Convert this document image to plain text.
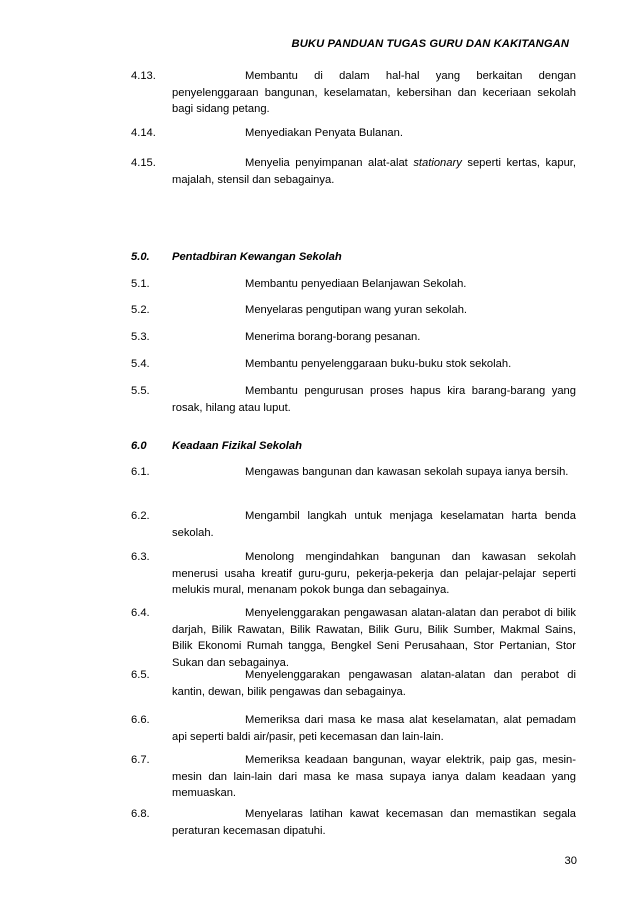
BUKU PANDUAN TUGAS GURU DAN KAKITANGAN
4.13.	Membantu di dalam hal-hal yang berkaitan dengan penyelenggaraan bangunan, keselamatan, kebersihan dan keceriaan sekolah bagi sidang petang.
4.14.	Menyediakan Penyata Bulanan.
4.15.	Menyelia penyimpanan alat-alat stationary seperti kertas, kapur, majalah, stensil dan sebagainya.
5.0. Pentadbiran Kewangan Sekolah
5.1.	Membantu penyediaan Belanjawan Sekolah.
5.2.	Menyelaras pengutipan wang yuran sekolah.
5.3.	Menerima borang-borang pesanan.
5.4.	Membantu penyelenggaraan buku-buku stok sekolah.
5.5.	Membantu pengurusan proses hapus kira barang-barang yang rosak, hilang atau luput.
6.0 Keadaan Fizikal Sekolah
6.1.	Mengawas bangunan dan kawasan sekolah supaya ianya bersih.
6.2.	Mengambil langkah untuk menjaga keselamatan harta benda sekolah.
6.3.	Menolong mengindahkan bangunan dan kawasan sekolah menerusi usaha kreatif guru-guru, pekerja-pekerja dan pelajar-pelajar seperti melukis mural, menanam pokok bunga dan sebagainya.
6.4.	Menyelenggarakan pengawasan alatan-alatan dan perabot di bilik darjah, Bilik Rawatan, Bilik Rawatan, Bilik Guru, Bilik Sumber, Makmal Sains, Bilik Ekonomi Rumah tangga, Bengkel Seni Perusahaan, Stor Pertanian, Stor Sukan dan sebagainya.
6.5.	Menyelenggarakan pengawasan alatan-alatan dan perabot di kantin, dewan, bilik pengawas dan sebagainya.
6.6.	Memeriksa dari masa ke masa alat keselamatan, alat pemadam api seperti baldi air/pasir, peti kecemasan dan lain-lain.
6.7.	Memeriksa keadaan bangunan, wayar elektrik, paip gas, mesin-mesin dan lain-lain dari masa ke masa supaya ianya dalam keadaan yang memuaskan.
6.8.	Menyelaras latihan kawat kecemasan dan memastikan segala peraturan kecemasan dipatuhi.
30
